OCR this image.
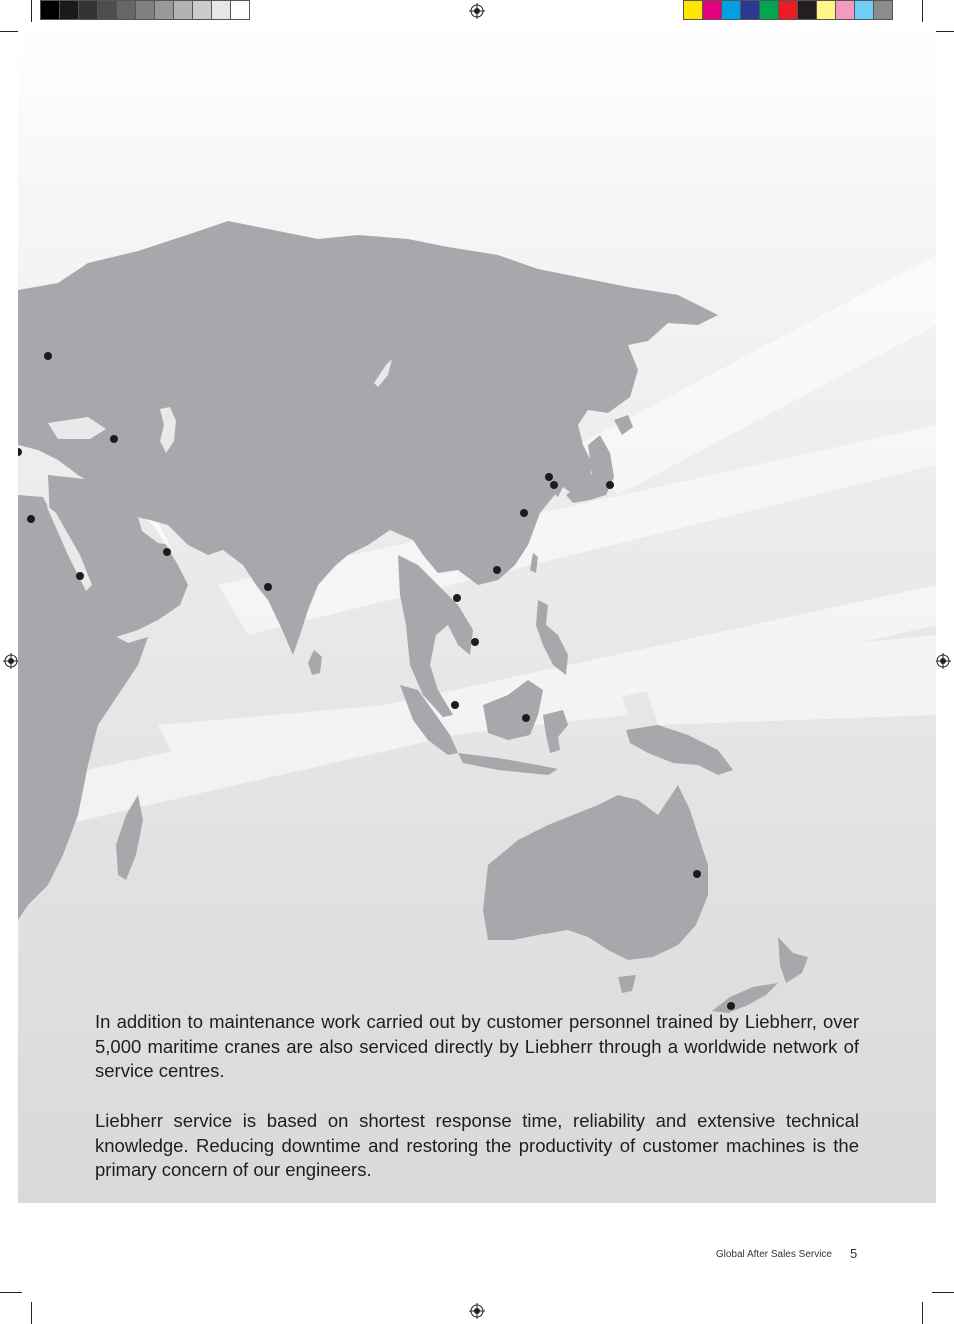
In addition to maintenance work carried out by customer personnel trained by Liebherr, over 5,000 maritime cranes are also serviced directly by Liebherr through a worldwide network of service centres.

Liebherr service is based on shortest response time, reliability and extensive technical knowledge. Reducing downtime and restoring the productivity of customer machines is the primary concern of our engineers.

Global After Sales Service 5
